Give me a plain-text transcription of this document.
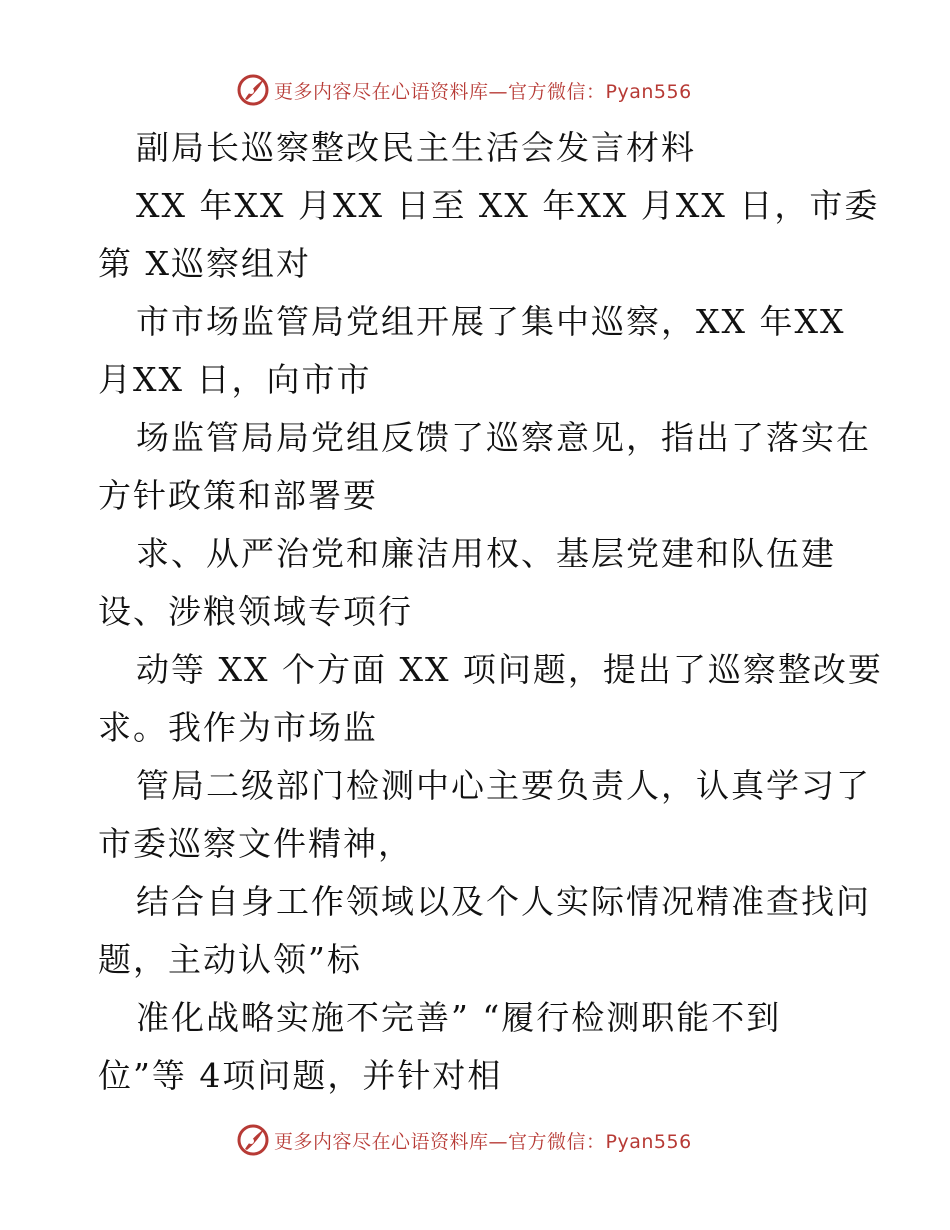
更多内容尽在心语资料库—官方微信：Pyan556
副局长巡察整改民主生活会发言材料
XX 年XX 月XX 日至 XX 年XX 月XX 日，市委
第 X巡察组对
市市场监管局党组开展了集中巡察，XX 年XX
月XX 日，向市市
场监管局局党组反馈了巡察意见，指出了落实在
方针政策和部署要
求、从严治党和廉洁用权、基层党建和队伍建
设、涉粮领域专项行
动等 XX 个方面 XX 项问题，提出了巡察整改要
求。我作为市场监
管局二级部门检测中心主要负责人，认真学习了
市委巡察文件精神，
结合自身工作领域以及个人实际情况精准查找问
题，主动认领”标
准化战略实施不完善” “履行检测职能不到
位”等 4项问题，并针对相
更多内容尽在心语资料库—官方微信：Pyan556
